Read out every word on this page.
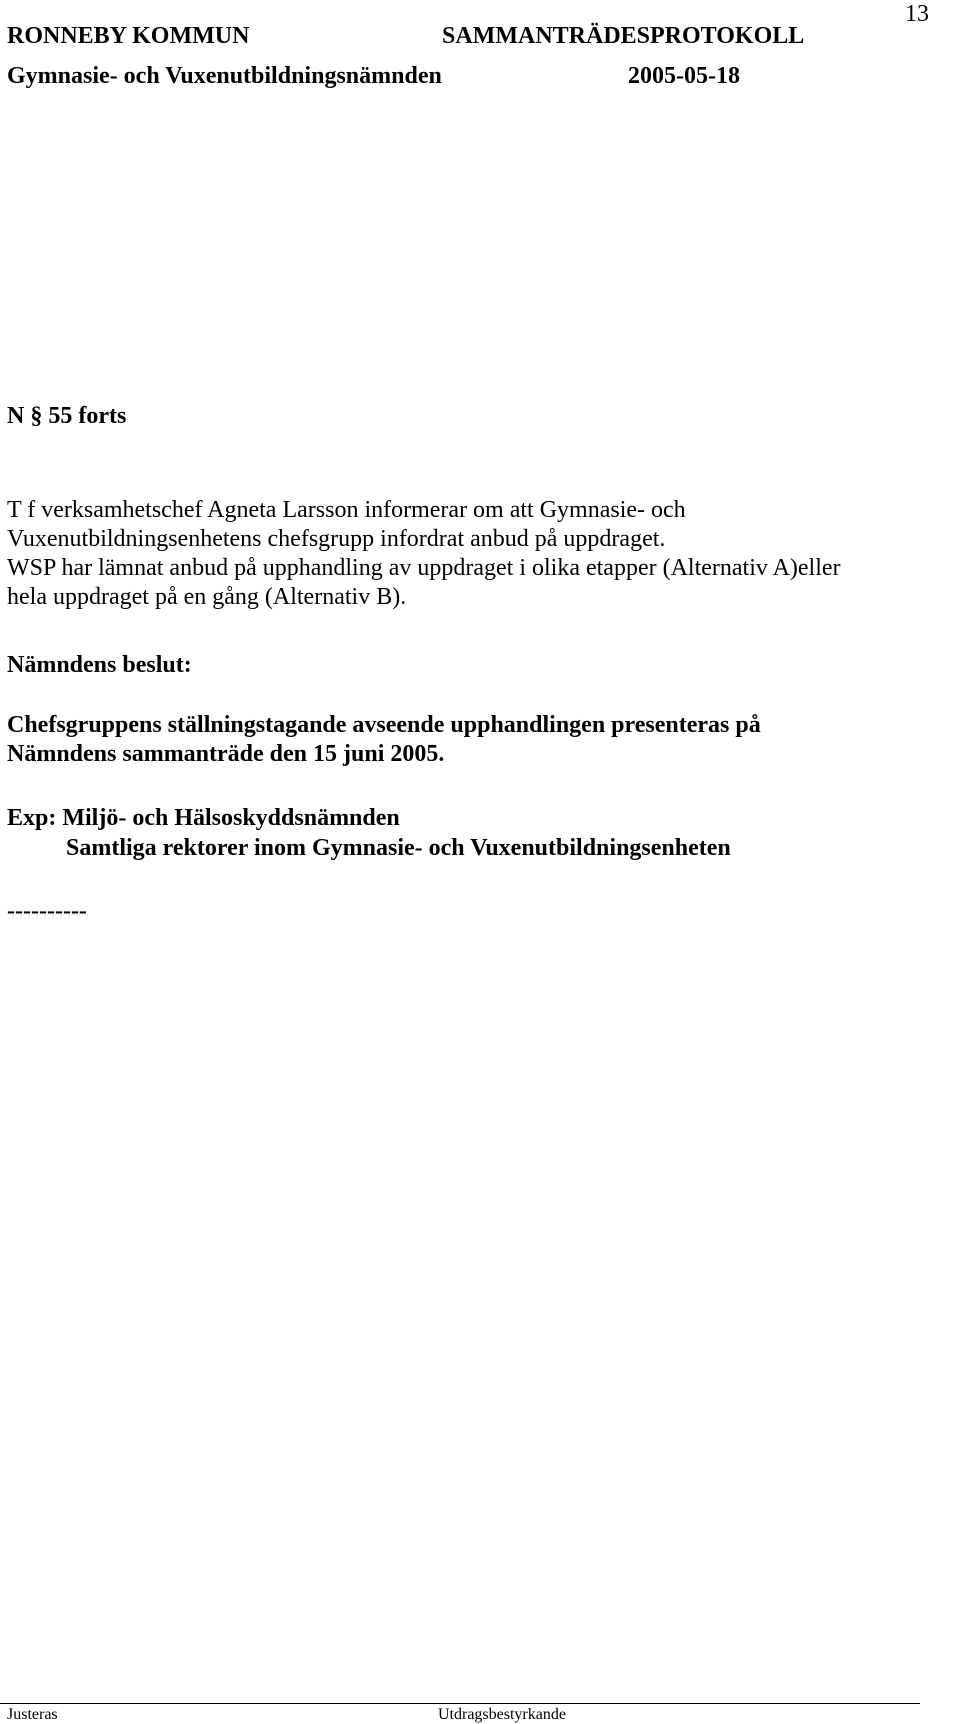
13
RONNEBY KOMMUN	SAMMANTRÄDESPROTOKOLL
Gymnasie- och Vuxenutbildningsnämnden	2005-05-18
N § 55 forts
T f verksamhetschef Agneta Larsson informerar om att Gymnasie- och
Vuxenutbildningsenhetens chefsgrupp infordrat anbud på uppdraget.
WSP har lämnat anbud på upphandling av uppdraget i olika etapper (Alternativ A)eller
hela uppdraget på en gång (Alternativ B).
Nämndens beslut:
Chefsgruppens ställningstagande avseende upphandlingen presenteras på
Nämndens sammanträde den 15 juni 2005.
Exp: Miljö- och Hälsoskyddsnämnden
Samtliga rektorer inom Gymnasie- och Vuxenutbildningsenheten
----------
Justeras	Utdragsbestyrkande
